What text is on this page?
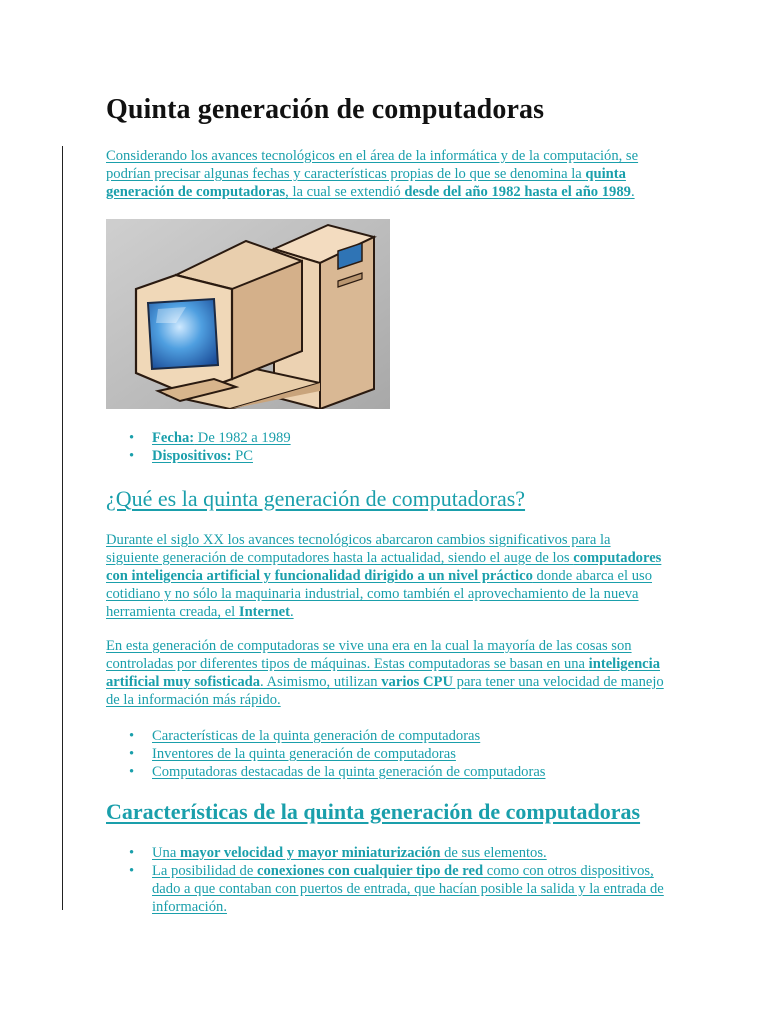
Quinta generación de computadoras

Considerando los avances tecnológicos en el área de la informática y de la computación, se podrían precisar algunas fechas y características propias de lo que se denomina la quinta generación de computadoras, la cual se extendió desde del año 1982 hasta el año 1989.

• Fecha: De 1982 a 1989
• Dispositivos: PC
¿Qué es la quinta generación de computadoras?

Durante el siglo XX los avances tecnológicos abarcaron cambios significativos para la siguiente generación de computadores hasta la actualidad, siendo el auge de los computadores con inteligencia artificial y funcionalidad dirigido a un nivel práctico donde abarca el uso cotidiano y no sólo la maquinaria industrial, como también el aprovechamiento de la nueva herramienta creada, el Internet.

En esta generación de computadoras se vive una era en la cual la mayoría de las cosas son controladas por diferentes tipos de máquinas. Estas computadoras se basan en una inteligencia artificial muy sofisticada. Asimismo, utilizan varios CPU para tener una velocidad de manejo de la información más rápido.

• Características de la quinta generación de computadoras
• Inventores de la quinta generación de computadoras
• Computadoras destacadas de la quinta generación de computadoras
Características de la quinta generación de computadoras
• Una mayor velocidad y mayor miniaturización de sus elementos.
• La posibilidad de conexiones con cualquier tipo de red como con otros dispositivos, dado a que contaban con puertos de entrada, que hacían posible la salida y la entrada de información.
